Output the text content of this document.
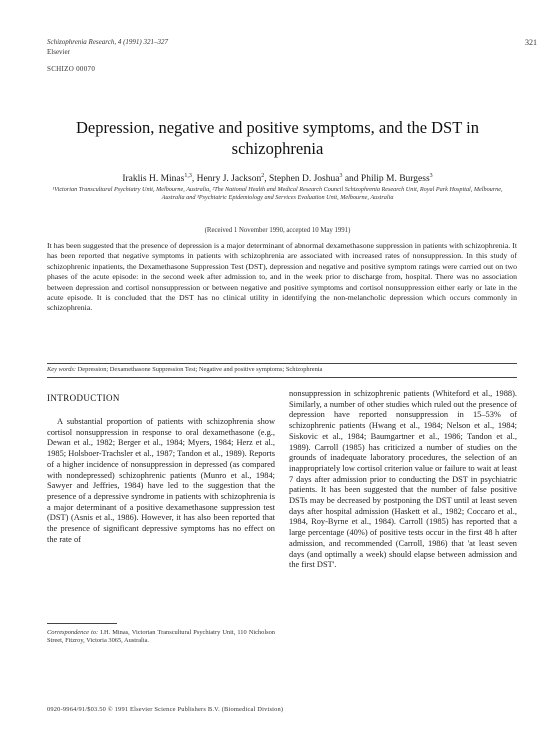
Schizophrenia Research, 4 (1991) 321–327
Elsevier
321
SCHIZO 00070
Depression, negative and positive symptoms, and the DST in schizophrenia
Iraklis H. Minas$^{1,3}$, Henry J. Jackson$^2$, Stephen D. Joshua$^3$ and Philip M. Burgess$^3$
¹Victorian Transcultural Psychiatry Unit, Melbourne, Australia, ²The National Health and Medical Research Council Schizophrenia Research Unit, Royal Park Hospital, Melbourne, Australia and ³Psychiatric Epidemiology and Services Evaluation Unit, Melbourne, Australia
(Received 1 November 1990, accepted 10 May 1991)
It has been suggested that the presence of depression is a major determinant of abnormal dexamethasone suppression in patients with schizophrenia. It has been reported that negative symptoms in patients with schizophrenia are associated with increased rates of nonsuppression. In this study of schizophrenic inpatients, the Dexamethasone Suppression Test (DST), depression and negative and positive symptom ratings were carried out on two phases of the acute episode: in the second week after admission to, and in the week prior to discharge from, hospital. There was no association between depression and cortisol nonsuppression or between negative and positive symptoms and cortisol nonsuppression either early or late in the acute episode. It is concluded that the DST has no clinical utility in identifying the non-melancholic depression which occurs commonly in schizophrenia.
Key words: Depression; Dexamethasone Suppression Test; Negative and positive symptoms; Schizophrenia
INTRODUCTION
A substantial proportion of patients with schizophrenia show cortisol nonsuppression in response to oral dexamethasone (e.g., Dewan et al., 1982; Berger et al., 1984; Myers, 1984; Herz et al., 1985; Holsboer-Trachsler et al., 1987; Tandon et al., 1989). Reports of a higher incidence of nonsuppression in depressed (as compared with nondepressed) schizophrenic patients (Munro et al., 1984; Sawyer and Jeffries, 1984) have led to the suggestion that the presence of a depressive syndrome in patients with schizophrenia is a major determinant of a positive dexamethasone suppression test (DST) (Asnis et al., 1986). However, it has also been reported that the presence of significant depressive symptoms has no effect on the rate of
nonsuppression in schizophrenic patients (Whiteford et al., 1988). Similarly, a number of other studies which ruled out the presence of depression have reported nonsuppression in 15–53% of schizophrenic patients (Hwang et al., 1984; Nelson et al., 1984; Siskovic et al., 1984; Baumgartner et al., 1986; Tandon et al., 1989). Carroll (1985) has criticized a number of studies on the grounds of inadequate laboratory procedures, the selection of an inappropriately low cortisol criterion value or failure to wait at least 7 days after admission prior to conducting the DST in psychiatric patients. It has been suggested that the number of false positive DSTs may be decreased by postponing the DST until at least seven days after hospital admission (Haskett et al., 1982; Coccaro et al., 1984, Roy-Byrne et al., 1984). Carroll (1985) has reported that a large percentage (40%) of positive tests occur in the first 48 h after admission, and recommended (Carroll, 1986) that 'at least seven days (and optimally a week) should elapse between admission and the first DST'.
Correspondence to: I.H. Minas, Victorian Transcultural Psychiatry Unit, 110 Nicholson Street, Fitzroy, Victoria 3065, Australia.
0920-9964/91/$03.50 © 1991 Elsevier Science Publishers B.V. (Biomedical Division)
